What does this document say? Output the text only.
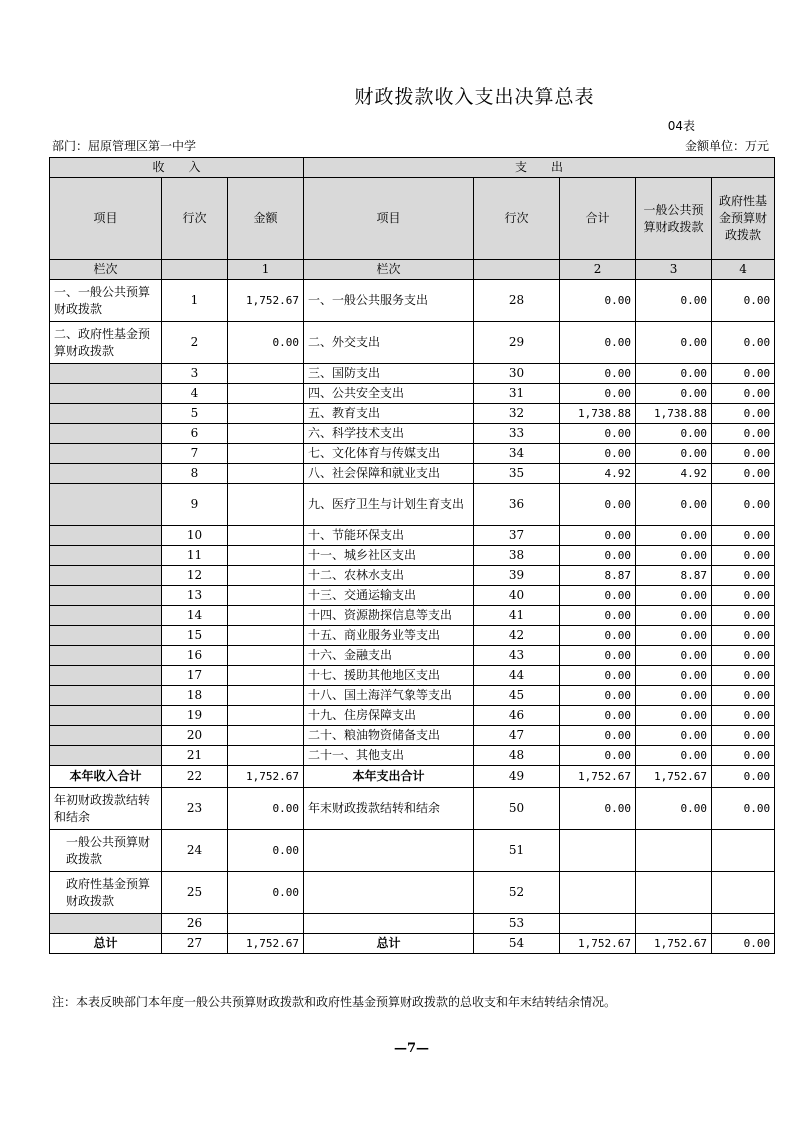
财政拨款收入支出决算总表
04表
部门：屈原管理区第一中学	金额单位：万元
收　　入			支　　出				
项目	行次	金额	项目	行次	合计	一般公共预算财政拨款	政府性基金预算财政拨款
栏次		1	栏次		2	3	4
一、一般公共预算财政拨款	1	1,752.67	一、一般公共服务支出	28	0.00	0.00	0.00
二、政府性基金预算财政拨款	2	0.00	二、外交支出	29	0.00	0.00	0.00
	3		三、国防支出	30	0.00	0.00	0.00
	4		四、公共安全支出	31	0.00	0.00	0.00
	5		五、教育支出	32	1,738.88	1,738.88	0.00
	6		六、科学技术支出	33	0.00	0.00	0.00
	7		七、文化体育与传媒支出	34	0.00	0.00	0.00
	8		八、社会保障和就业支出	35	4.92	4.92	0.00
	9		九、医疗卫生与计划生育支出	36	0.00	0.00	0.00
	10		十、节能环保支出	37	0.00	0.00	0.00
	11		十一、城乡社区支出	38	0.00	0.00	0.00
	12		十二、农林水支出	39	8.87	8.87	0.00
	13		十三、交通运输支出	40	0.00	0.00	0.00
	14		十四、资源勘探信息等支出	41	0.00	0.00	0.00
	15		十五、商业服务业等支出	42	0.00	0.00	0.00
	16		十六、金融支出	43	0.00	0.00	0.00
	17		十七、援助其他地区支出	44	0.00	0.00	0.00
	18		十八、国土海洋气象等支出	45	0.00	0.00	0.00
	19		十九、住房保障支出	46	0.00	0.00	0.00
	20		二十、粮油物资储备支出	47	0.00	0.00	0.00
	21		二十一、其他支出	48	0.00	0.00	0.00
本年收入合计	22	1,752.67	本年支出合计	49	1,752.67	1,752.67	0.00
年初财政拨款结转和结余	23	0.00	年末财政拨款结转和结余	50	0.00	0.00	0.00
一般公共预算财政拨款	24	0.00		51			
政府性基金预算财政拨款	25	0.00		52			
	26			53			
总计	27	1,752.67	总计	54	1,752.67	1,752.67	0.00
注：本表反映部门本年度一般公共预算财政拨款和政府性基金预算财政拨款的总收支和年末结转结余情况。
—7—
